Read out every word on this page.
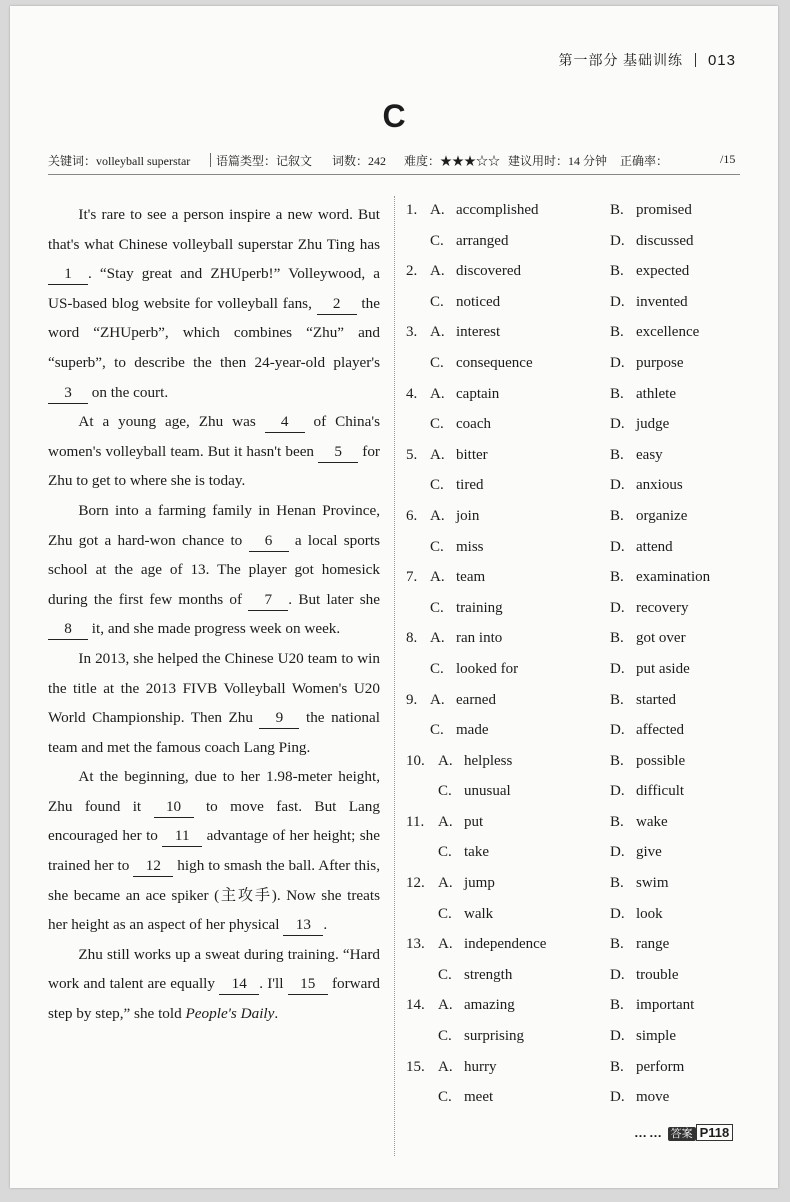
第一部分 基础训练 013
C
关键词：volleyball superstar 语篇类型：记叙文 词数：242 难度：★★★☆☆ 建议用时：14 分钟 正确率：	/15

It's rare to see a person inspire a new word. But that's what Chinese volleyball superstar Zhu Ting has 1 . “Stay great and ZHUperb!” Volleywood, a US-based blog website for volleyball fans, 2 the word “ZHUperb”, which combines “Zhu” and “superb”, to describe the then 24-year-old player's 3 on the court.

At a young age, Zhu was 4 of China's women's volleyball team. But it hasn't been 5 for Zhu to get to where she is today.

Born into a farming family in Henan Province, Zhu got a hard-won chance to 6 a local sports school at the age of 13. The player got homesick during the first few months of 7 . But later she 8 it, and she made progress week on week.

In 2013, she helped the Chinese U20 team to win the title at the 2013 FIVB Volleyball Women's U20 World Championship. Then Zhu 9 the national team and met the famous coach Lang Ping.

At the beginning, due to her 1.98-meter height, Zhu found it 10 to move fast. But Lang encouraged her to 11 advantage of her height; she trained her to 12 high to smash the ball. After this, she became an ace spiker (主攻手). Now she treats her height as an aspect of her physical 13 .

Zhu still works up a sweat during training. “Hard work and talent are equally 14 . I'll 15 forward step by step,” she told People's Daily.

1. A. accomplished	B. promised
C. arranged	D. discussed
2. A. discovered	B. expected
C. noticed	D. invented
3. A. interest	B. excellence
C. consequence	D. purpose
4. A. captain	B. athlete
C. coach	D. judge
5. A. bitter	B. easy
C. tired	D. anxious
6. A. join	B. organize
C. miss	D. attend
7. A. team	B. examination
C. training	D. recovery
8. A. ran into	B. got over
C. looked for	D. put aside
9. A. earned	B. started
C. made	D. affected
10. A. helpless	B. possible
C. unusual	D. difficult
11. A. put	B. wake
C. take	D. give
12. A. jump	B. swim
C. walk	D. look
13. A. independence	B. range
C. strength	D. trouble
14. A. amazing	B. important
C. surprising	D. simple
15. A. hurry	B. perform
C. meet	D. move
…… 答案 P118
